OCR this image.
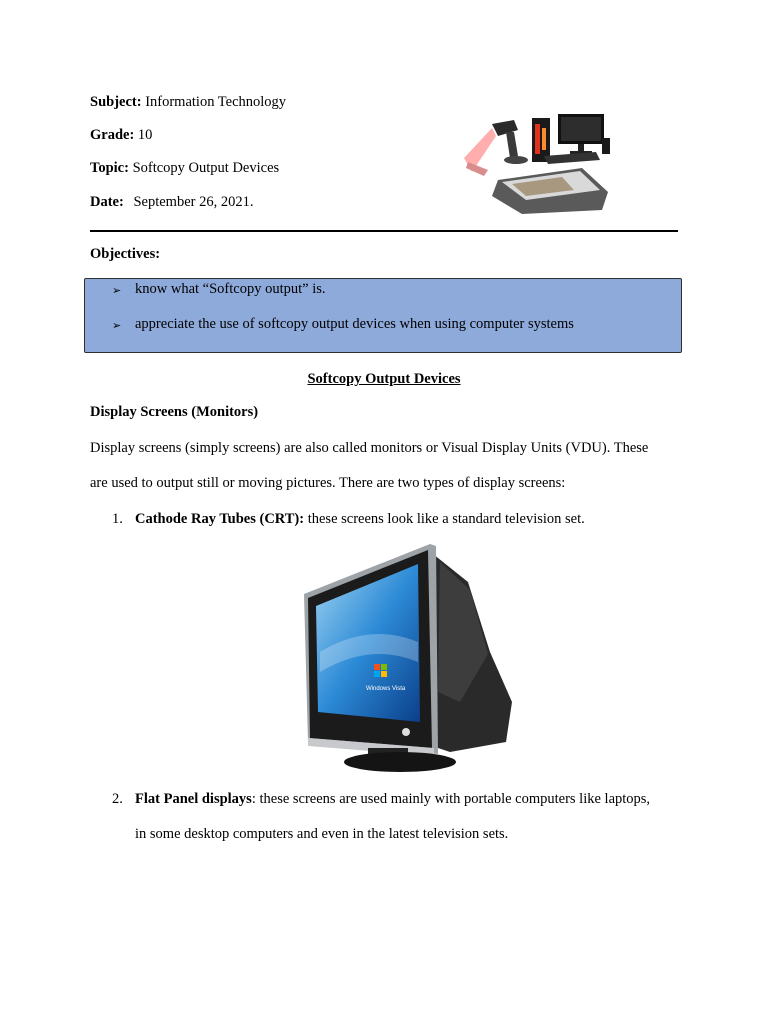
Subject: Information Technology
Grade: 10
Topic: Softcopy Output Devices
Date: September 26, 2021.
Objectives:
➢ know what “Softcopy output” is.
➢ appreciate the use of softcopy output devices when using computer systems
Softcopy Output Devices
Display Screens (Monitors)
Display screens (simply screens) are also called monitors or Visual Display Units (VDU). These
are used to output still or moving pictures. There are two types of display screens:
1. Cathode Ray Tubes (CRT): these screens look like a standard television set.
Windows Vista
2. Flat Panel displays: these screens are used mainly with portable computers like laptops,
in some desktop computers and even in the latest television sets.
